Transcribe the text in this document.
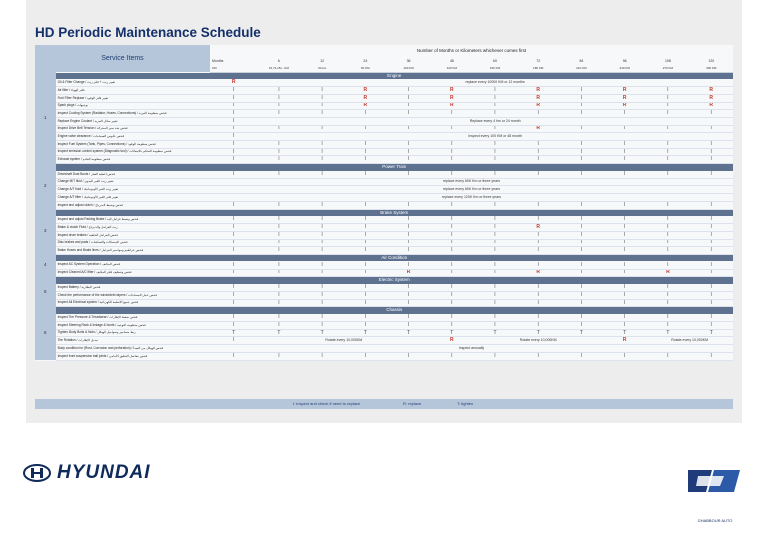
HD Periodic Maintenance Schedule
Service Items		Number of Months or Kilometers whichever comes first											
		Months	6	12	24	36	48	60	72	84	96	108	120
		KM	15,7k,15x...KM	30 km	60 KM	100 KM	120 KM	150 KM	180 KM	210 KM	240 KM	270 KM	300 KM
1	Engine												
	Oil & Filter Change / تغيير زيت + فلتر زيت	R	replace every 10000 KM or 12 months										
	Air filter / فلتر الهواء	I	I	I	R	I	R	I	R	I	R	I	R
	Fuel Filter Replace / تغيير فلتر الوقود	I	I	I	R	I	R	I	R	I	R	I	R
	Spark plugs / بوجيهات	I	I	I	R	I	R	I	R	I	R	I	R
	Inspect Cooling System (Radiator, Hoses, Connections) / فحص منظومة التبريد	I	I	I	I	I	I	I	I	I	I	I	I
	Replace Engine Coolant / تغيير سائل التبريد	I	Replace every 4 hrs or 24 month										
	Inspect Drive Belt Tension / فحص شد سير المحركة	I	I	I	I	I	I	I	R	I	I	I	I
	Engine valve clearance / فحص خلوص الصمامات	I	Inspect every 100 KM or 48 month										
	Inspect Fuel System (Tank, Pipes, Connections) / فحص منظومة الوقود	I	I	I	I	I	I	I	I	I	I	I	I
	Inspect emission control system (Diagnostic tool) / فحص منظومة التحكم بالانبعاثات	I	I	I	I	I	I	I	I	I	I	I	I
	Exhaust system / فحص منظومة العادم	I	I	I	I	I	I	I	I	I	I	I	I
2	Power Train												
	Driveshaft Dust Boots / فحص اغطية الغبار	I	I	I	I	I	I	I	I	I	I	I	I
	Change M/T fluid / تغيير زيت القير اليدوي	replace every 60K Km or three years											
	Change A/T fluid / تغيير زيت القير الأوتوماتيك	replace every 60K Km or three years											
	Change A/T filter / تغيير فلتر القير الأوتوماتيك	replace every 120K Km or three years											
	Inspect and adjust clutch / فحص وضبط الدبرياج	I	I	I	I	I	I	I	I	I	I	I	I
3	Brake System												
	Inspect and adjust Parking Brake / فحص وضبط فرامل اليد	I	I	I	I	I	I	I	I	I	I	I	I
	Brake & clutch Fluid / زيت الفرامل والدبرياج	I	I	I	I	I	I	I	R	I	I	I	I
	Inspect drum brakes / فحص الفرامل الخلفية	I	I	I	I	I	I	I	I	I	I	I	I
	Disc brakes and pads / فحص الديسكات والقماشات	I	I	I	I	I	I	I	I	I	I	I	I
	Brake Hoses and Brake lines / فحص خراطيم ومواسير الفرامل	I	I	I	I	I	I	I	I	I	I	I	I
4	Air Condition												
	Inspect AC System Operation / فحص المكيف	I	I	I	I	I	I	I	I	I	I	I	I
	Inspect Cleaned A/C filter / فحص وتنظيف فلتر المكيف	I	I	I	I	R	I	I	R	I	I	R	I
5	Electric System												
	Inspect Battery / فحص البطارية	I	I	I	I	I	I	I	I	I	I	I	I
	Check the performance of the windshield wipers / فحص عمل المساحات	I	I	I	I	I	I	I	I	I	I	I	I
	Inspect All Electrical system / فحص جميع الأنظمة الكهربائية	I	I	I	I	I	I	I	I	I	I	I	I
6	Chassis												
	Inspect Tire Pressure & Treadwear / فحص ضغط الإطارات	I	I	I	I	I	I	I	I	I	I	I	I
	Inspect Steering Rack & linkage & boots / فحص منظومة التوجيه	I	I	I	I	I	I	I	I	I	I	I	I
	Tighten Body Bolts & Nuts / ربط مسامير وصواميل الهيكل	T	T	T	T	T	T	T	T	T	T	T	T
	Tire Rotation / تبديل الإطارات	I	Rotate every 10,000KM				R	Rotate every 10,000KM			R	Rotate every 10,000KM	
	Body condition for (Rust, Corrosion and perforation) / فحص الهيكل من الصدأ	Inspect annually											
	Inspect front suspension ball joints / فحص مفاصل التعليق الأمامي	I	I	I	I	I	I	I	I	I	I	I	I
I: inspect and check if need to replace	R: replace	T: tighten
HYUNDAI
GHABBOUR AUTO
